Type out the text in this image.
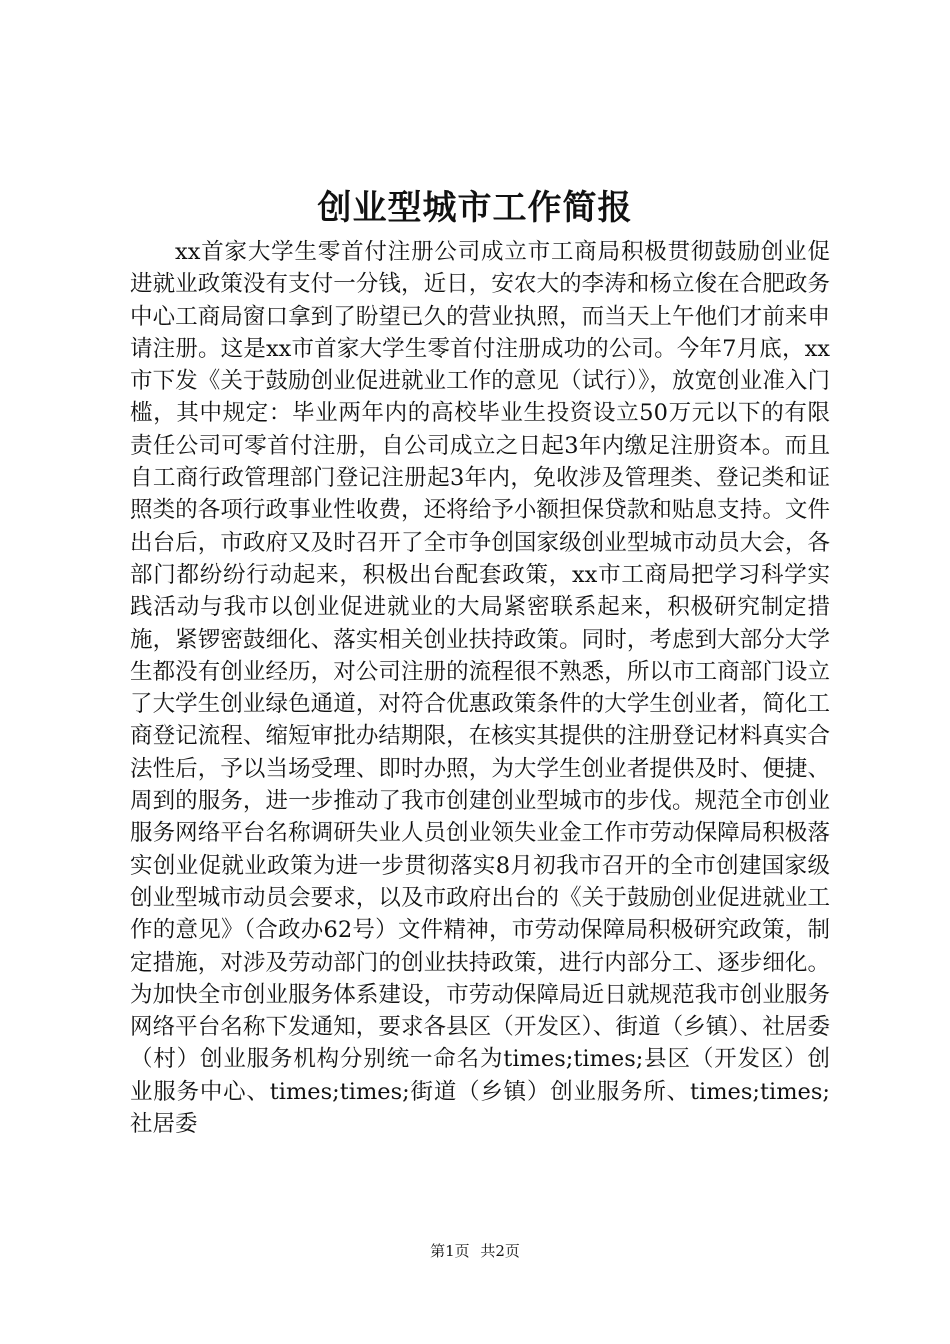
创业型城市工作简报

xx首家大学生零首付注册公司成立市工商局积极贯彻鼓励创业促进就业政策没有支付一分钱，近日，安农大的李涛和杨立俊在合肥政务中心工商局窗口拿到了盼望已久的营业执照，而当天上午他们才前来申请注册。这是xx市首家大学生零首付注册成功的公司。今年7月底，xx市下发《关于鼓励创业促进就业工作的意见（试行）》，放宽创业准入门槛，其中规定：毕业两年内的高校毕业生投资设立50万元以下的有限责任公司可零首付注册，自公司成立之日起3年内缴足注册资本。而且自工商行政管理部门登记注册起3年内，免收涉及管理类、登记类和证照类的各项行政事业性收费，还将给予小额担保贷款和贴息支持。文件出台后，市政府又及时召开了全市争创国家级创业型城市动员大会，各部门都纷纷行动起来，积极出台配套政策，xx市工商局把学习科学实践活动与我市以创业促进就业的大局紧密联系起来，积极研究制定措施，紧锣密鼓细化、落实相关创业扶持政策。同时，考虑到大部分大学生都没有创业经历，对公司注册的流程很不熟悉，所以市工商部门设立了大学生创业绿色通道，对符合优惠政策条件的大学生创业者，简化工商登记流程、缩短审批办结期限，在核实其提供的注册登记材料真实合法性后，予以当场受理、即时办照，为大学生创业者提供及时、便捷、周到的服务，进一步推动了我市创建创业型城市的步伐。规范全市创业服务网络平台名称调研失业人员创业领失业金工作市劳动保障局积极落实创业促就业政策为进一步贯彻落实8月初我市召开的全市创建国家级创业型城市动员会要求，以及市政府出台的《关于鼓励创业促进就业工作的意见》（合政办62号）文件精神，市劳动保障局积极研究政策，制定措施，对涉及劳动部门的创业扶持政策，进行内部分工、逐步细化。为加快全市创业服务体系建设，市劳动保障局近日就规范我市创业服务网络平台名称下发通知，要求各县区（开发区）、街道（乡镇）、社居委（村）创业服务机构分别统一命名为times;times;县区（开发区）创业服务中心、times;times;街道（乡镇）创业服务所、times;times;社居委

第1页 共2页
